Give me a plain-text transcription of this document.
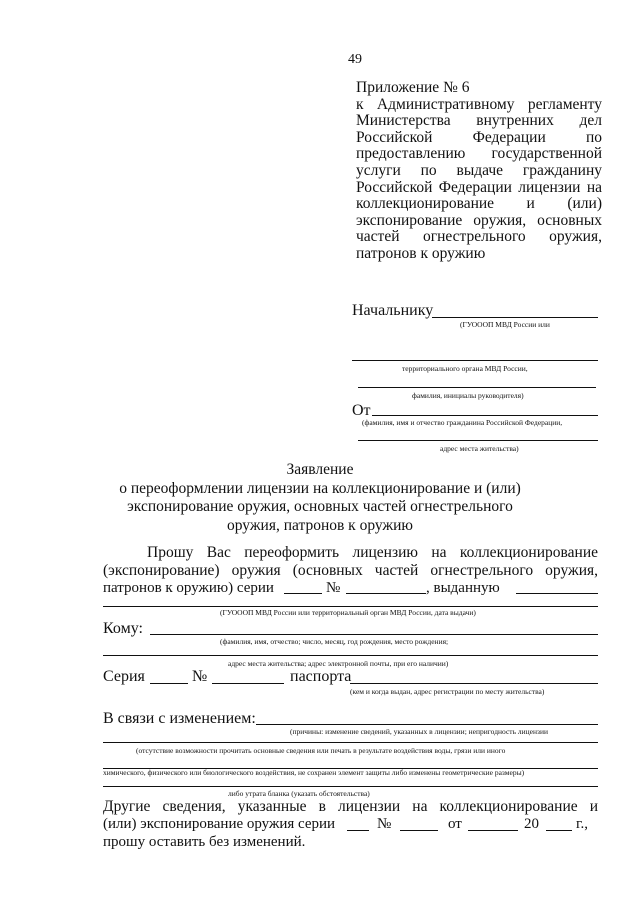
49
Приложение № 6
к Административному регламенту
Министерства внутренних дел
Российской Федерации по
предоставлению государственной
услуги по выдаче гражданину
Российской Федерации лицензии на
коллекционирование и (или)
экспонирование оружия, основных
частей огнестрельного оружия,
патронов к оружию
Начальнику
(ГУОООП МВД России или
территориального органа МВД России,
фамилия, инициалы руководителя)
От
(фамилия, имя и отчество гражданина Российской Федерации,
адрес места жительства)
Заявление
о переоформлении лицензии на коллекционирование и (или)
экспонирование оружия, основных частей огнестрельного
оружия, патронов к оружию
Прошу Вас переоформить лицензию на коллекционирование
(экспонирование) оружия (основных частей огнестрельного оружия,
патронов к оружию) серии	№	, выданную
(ГУОООП МВД России или территориальный орган МВД России, дата выдачи)
Кому:
(фамилия, имя, отчество; число, месяц, год рождения, место рождения;
адрес места жительства; адрес электронной почты, при его наличии)
Серия	№	паспорта
(кем и когда выдан, адрес регистрации по месту жительства)
В связи с изменением:
(причины: изменение сведений, указанных в лицензии; непригодность лицензии
(отсутствие возможности прочитать основные сведения или печать в результате воздействия воды, грязи или иного
химического, физического или биологического воздействия, не сохранен элемент защиты либо изменены геометрические размеры)
либо утрата бланка (указать обстоятельства)
Другие сведения, указанные в лицензии на коллекционирование и
(или) экспонирование оружия серии	№	от	20 г.,
прошу оставить без изменений.
